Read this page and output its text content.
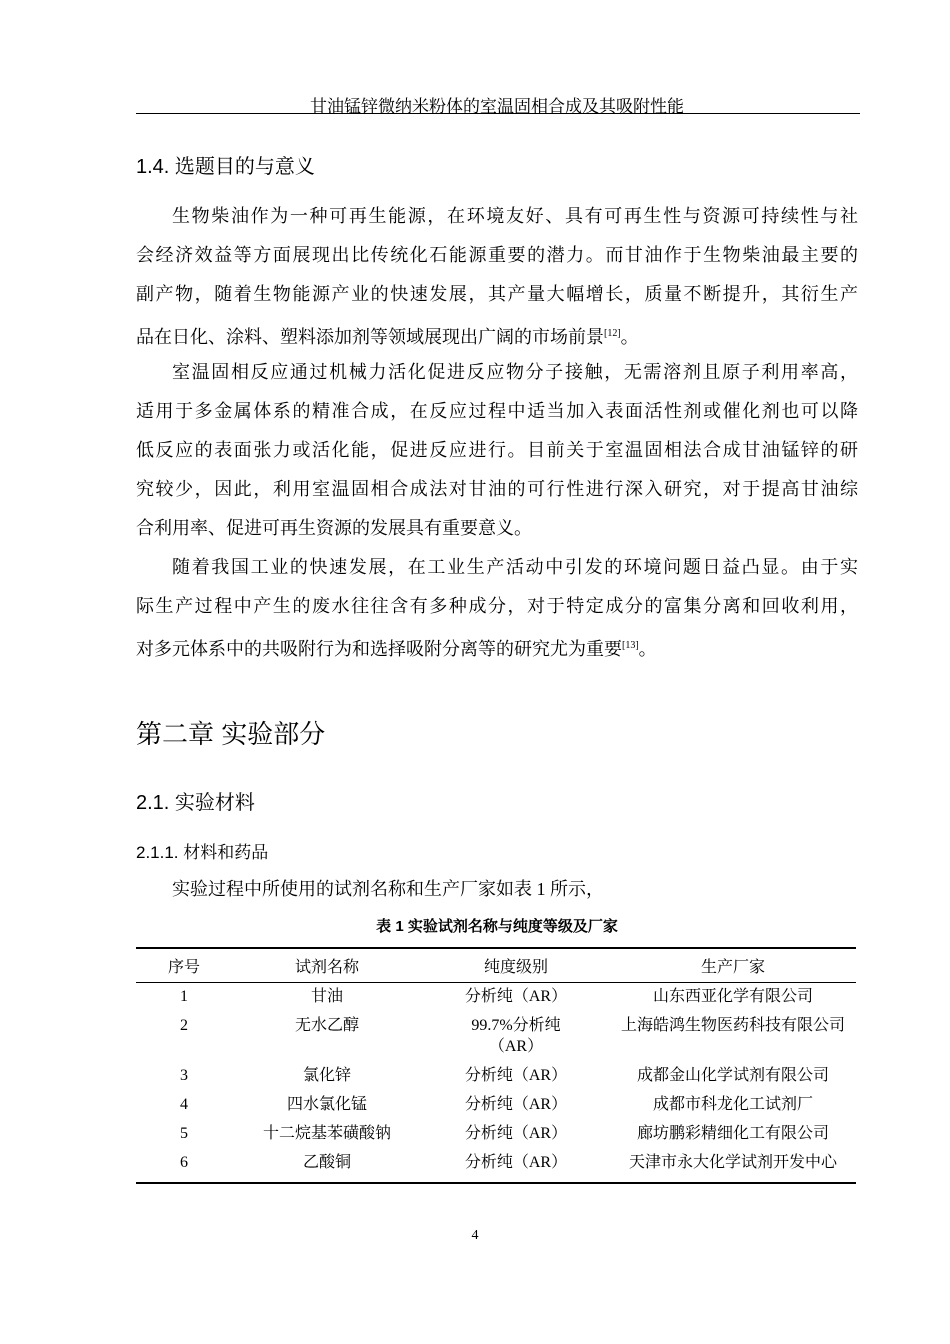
甘油锰锌微纳米粉体的室温固相合成及其吸附性能
1.4. 选题目的与意义
生物柴油作为一种可再生能源，在环境友好、具有可再生性与资源可持续性与社
会经济效益等方面展现出比传统化石能源重要的潜力。而甘油作于生物柴油最主要的
副产物，随着生物能源产业的快速发展，其产量大幅增长，质量不断提升，其衍生产
品在日化、涂料、塑料添加剂等领域展现出广阔的市场前景[12]。
室温固相反应通过机械力活化促进反应物分子接触，无需溶剂且原子利用率高，
适用于多金属体系的精准合成，在反应过程中适当加入表面活性剂或催化剂也可以降
低反应的表面张力或活化能，促进反应进行。目前关于室温固相法合成甘油锰锌的研
究较少，因此，利用室温固相合成法对甘油的可行性进行深入研究，对于提高甘油综
合利用率、促进可再生资源的发展具有重要意义。
随着我国工业的快速发展，在工业生产活动中引发的环境问题日益凸显。由于实
际生产过程中产生的废水往往含有多种成分，对于特定成分的富集分离和回收利用，
对多元体系中的共吸附行为和选择吸附分离等的研究尤为重要[13]。
第二章 实验部分
2.1. 实验材料
2.1.1. 材料和药品
实验过程中所使用的试剂名称和生产厂家如表 1 所示，
表 1 实验试剂名称与纯度等级及厂家
序号	试剂名称	纯度级别	生产厂家
1	甘油	分析纯（AR）	山东西亚化学有限公司
2	无水乙醇	99.7%分析纯（AR）	上海皓鸿生物医药科技有限公司
3	氯化锌	分析纯（AR）	成都金山化学试剂有限公司
4	四水氯化锰	分析纯（AR）	成都市科龙化工试剂厂
5	十二烷基苯磺酸钠	分析纯（AR）	廊坊鹏彩精细化工有限公司
6	乙酸铜	分析纯（AR）	天津市永大化学试剂开发中心
4
